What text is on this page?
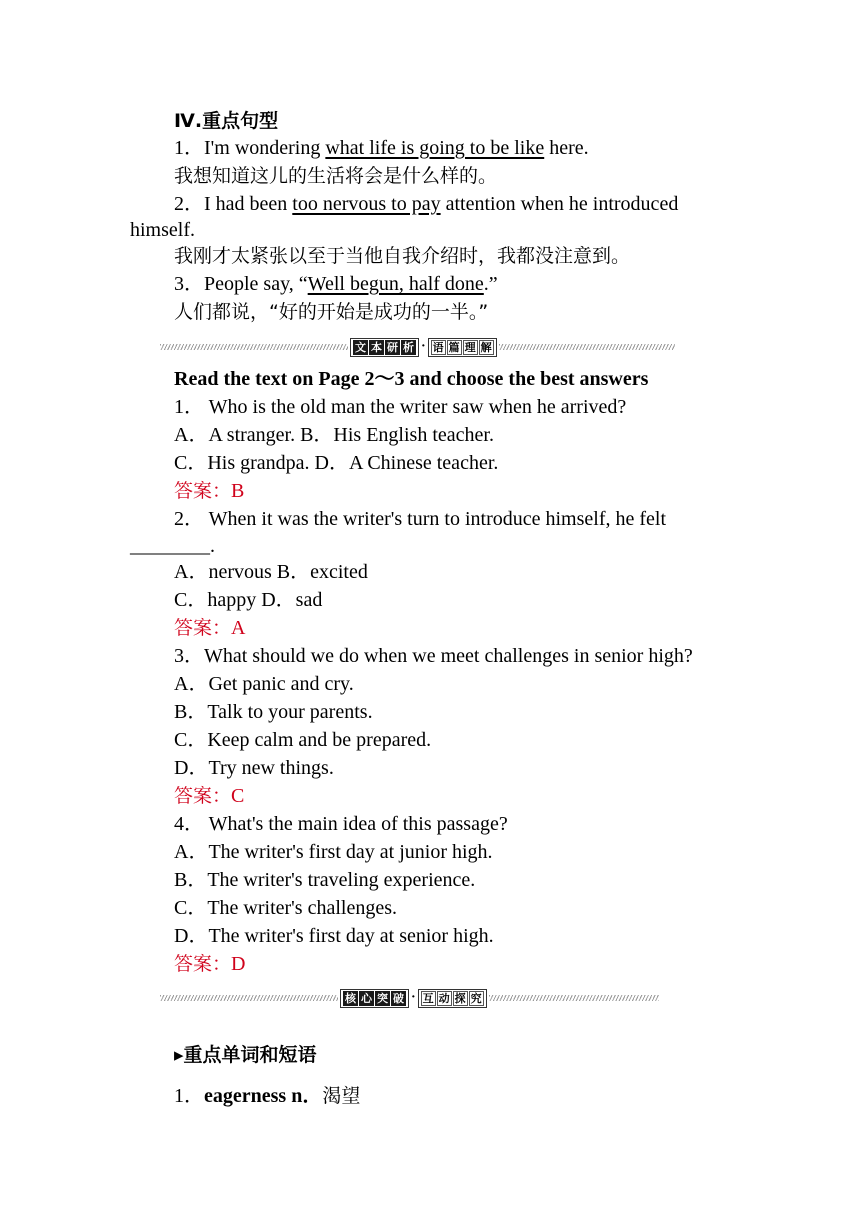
Ⅳ.重点句型
1．I'm wondering what life is going to be like here.
我想知道这儿的生活将会是什么样的。
2．I had been too nervous to pay attention when he introduced
himself.
我刚才太紧张以至于当他自我介绍时，我都没注意到。
3．People say, “Well begun, half done.”
人们都说，“好的开始是成功的一半。”
文 本 研 析 · 语 篇 理 解
Read the text on Page 2～3 and choose the best answers
1． Who is the old man the writer saw when he arrived?
A．A stranger. B．His English teacher.
C．His grandpa. D．A Chinese teacher.
答案：B
2． When it was the writer's turn to introduce himself, he felt
________.
A．nervous B．excited
C．happy D．sad
答案：A
3．What should we do when we meet challenges in senior high?
A．Get panic and cry.
B．Talk to your parents.
C．Keep calm and be prepared.
D．Try new things.
答案：C
4． What's the main idea of this passage?
A．The writer's first day at junior high.
B．The writer's traveling experience.
C．The writer's challenges.
D．The writer's first day at senior high.
答案：D
核 心 突 破 · 互 动 探 究
▸重点单词和短语
1．eagerness n．渴望
